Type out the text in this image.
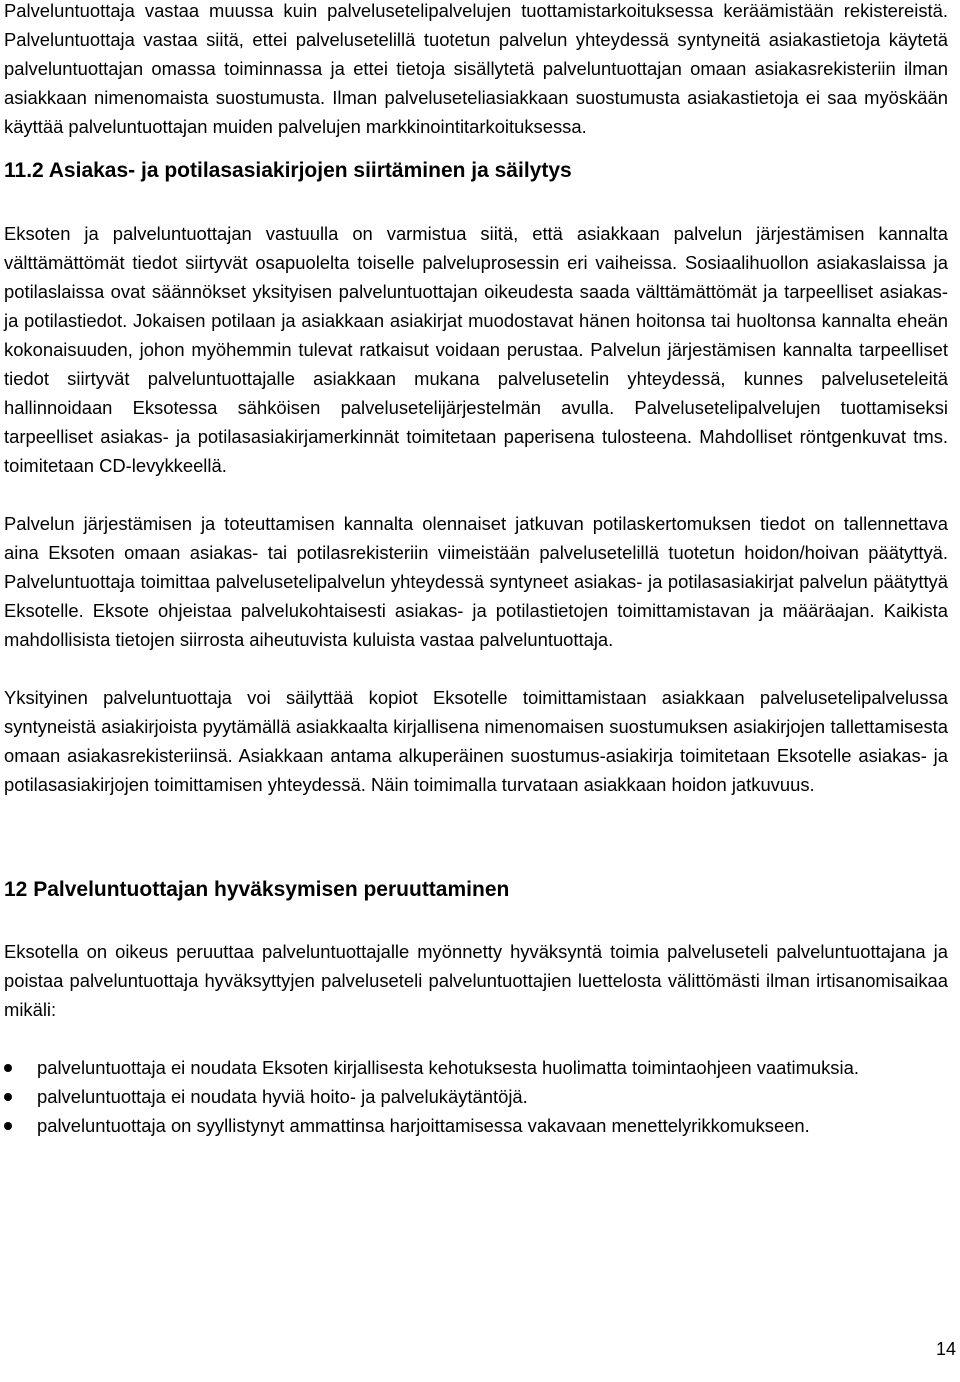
Palveluntuottaja vastaa muussa kuin palvelusetelipalvelujen tuottamistarkoituksessa keräämistään rekistereistä. Palveluntuottaja vastaa siitä, ettei palvelusetelillä tuotetun palvelun yhteydessä syntyneitä asiakastietoja käytetä palveluntuottajan omassa toiminnassa ja ettei tietoja sisällytetä palveluntuottajan omaan asiakasrekisteriin ilman asiakkaan nimenomaista suostumusta. Ilman palveluseteliasiakkaan suostumusta asiakastietoja ei saa myöskään käyttää palveluntuottajan muiden palvelujen markkinointitarkoituksessa.

11.2 Asiakas- ja potilasasiakirjojen siirtäminen ja säilytys

Eksoten ja palveluntuottajan vastuulla on varmistua siitä, että asiakkaan palvelun järjestämisen kannalta välttämättömät tiedot siirtyvät osapuolelta toiselle palveluprosessin eri vaiheissa. Sosiaalihuollon asiakaslaissa ja potilaslaissa ovat säännökset yksityisen palveluntuottajan oikeudesta saada välttämättömät ja tarpeelliset asiakas- ja potilastiedot. Jokaisen potilaan ja asiakkaan asiakirjat muodostavat hänen hoitonsa tai huoltonsa kannalta eheän kokonaisuuden, johon myöhemmin tulevat ratkaisut voidaan perustaa. Palvelun järjestämisen kannalta tarpeelliset tiedot siirtyvät palveluntuottajalle asiakkaan mukana palvelusetelin yhteydessä, kunnes palveluseteleitä hallinnoidaan Eksotessa sähköisen palvelusetelijärjestelmän avulla. Palvelusetelipalvelujen tuottamiseksi tarpeelliset asiakas- ja potilasasiakirjamerkinnät toimitetaan paperisena tulosteena. Mahdolliset röntgenkuvat tms. toimitetaan CD-levykkeellä.

Palvelun järjestämisen ja toteuttamisen kannalta olennaiset jatkuvan potilaskertomuksen tiedot on tallennettava aina Eksoten omaan asiakas- tai potilasrekisteriin viimeistään palvelusetelillä tuotetun hoidon/hoivan päätyttyä. Palveluntuottaja toimittaa palvelusetelipalvelun yhteydessä syntyneet asiakas- ja potilasasiakirjat palvelun päätyttyä Eksotelle. Eksote ohjeistaa palvelukohtaisesti asiakas- ja potilastietojen toimittamistavan ja määräajan. Kaikista mahdollisista tietojen siirrosta aiheutuvista kuluista vastaa palveluntuottaja.

Yksityinen palveluntuottaja voi säilyttää kopiot Eksotelle toimittamistaan asiakkaan palvelusetelipalvelussa syntyneistä asiakirjoista pyytämällä asiakkaalta kirjallisena nimenomaisen suostumuksen asiakirjojen tallettamisesta omaan asiakasrekisteriinsä. Asiakkaan antama alkuperäinen suostumus-asiakirja toimitetaan Eksotelle asiakas- ja potilasasiakirjojen toimittamisen yhteydessä. Näin toimimalla turvataan asiakkaan hoidon jatkuvuus.

12 Palveluntuottajan hyväksymisen peruuttaminen

Eksotella on oikeus peruuttaa palveluntuottajalle myönnetty hyväksyntä toimia palveluseteli palveluntuottajana ja poistaa palveluntuottaja hyväksyttyjen palveluseteli palveluntuottajien luettelosta välittömästi ilman irtisanomisaikaa mikäli:

palveluntuottaja ei noudata Eksoten kirjallisesta kehotuksesta huolimatta toimintaohjeen vaatimuksia.
palveluntuottaja ei noudata hyviä hoito- ja palvelukäytäntöjä.
palveluntuottaja on syyllistynyt ammattinsa harjoittamisessa vakavaan menettelyrikkomukseen.
14
